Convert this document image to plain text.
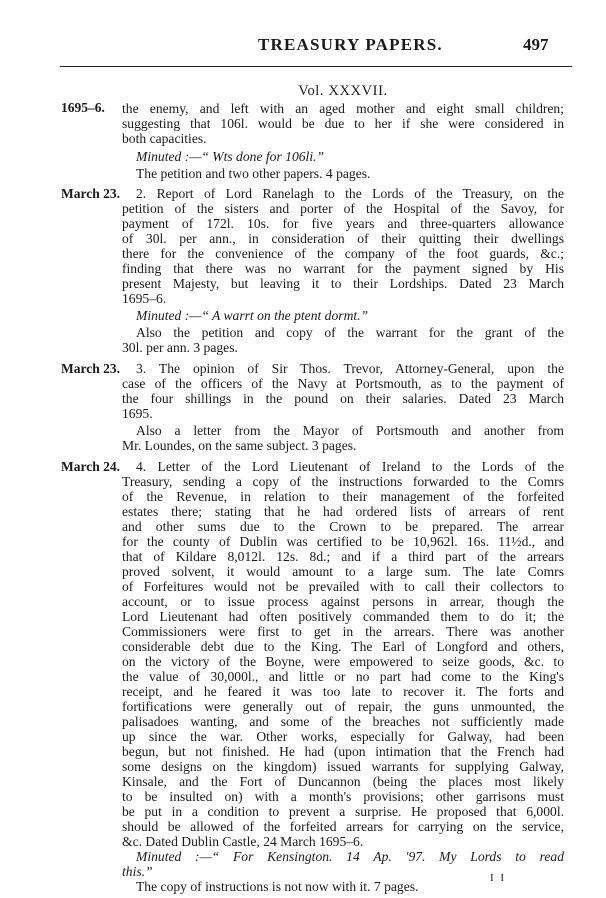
TREASURY PAPERS.	497
Vol. XXXVII.
1695–6. the enemy, and left with an aged mother and eight small children;
suggesting that 106l. would be due to her if she were considered in
both capacities.
Minuted :—“ Wts done for 106li.”
The petition and two other papers. 4 pages.
March 23.	2. Report of Lord Ranelagh to the Lords of the Treasury, on the
petition of the sisters and porter of the Hospital of the Savoy, for
payment of 172l. 10s. for five years and three-quarters allowance
of 30l. per ann., in consideration of their quitting their dwellings
there for the convenience of the company of the foot guards, &c.;
finding that there was no warrant for the payment signed by His
present Majesty, but leaving it to their Lordships. Dated 23 March
1695–6.
Minuted :—“ A warrt on the ptent dormt.”
Also the petition and copy of the warrant for the grant of the
30l. per ann. 3 pages.
March 23.	3. The opinion of Sir Thos. Trevor, Attorney-General, upon the
case of the officers of the Navy at Portsmouth, as to the payment of
the four shillings in the pound on their salaries. Dated 23 March
1695.
Also a letter from the Mayor of Portsmouth and another from
Mr. Loundes, on the same subject. 3 pages.
March 24.	4. Letter of the Lord Lieutenant of Ireland to the Lords of the
Treasury, sending a copy of the instructions forwarded to the Comrs
of the Revenue, in relation to their management of the forfeited
estates there; stating that he had ordered lists of arrears of rent
and other sums due to the Crown to be prepared. The arrear
for the county of Dublin was certified to be 10,962l. 16s. 11½d., and
that of Kildare 8,012l. 12s. 8d.; and if a third part of the arrears
proved solvent, it would amount to a large sum. The late Comrs
of Forfeitures would not be prevailed with to call their collectors to
account, or to issue process against persons in arrear, though the
Lord Lieutenant had often positively commanded them to do it; the
Commissioners were first to get in the arrears. There was another
considerable debt due to the King. The Earl of Longford and others,
on the victory of the Boyne, were empowered to seize goods, &c. to
the value of 30,000l., and little or no part had come to the King's
receipt, and he feared it was too late to recover it. The forts and
fortifications were generally out of repair, the guns unmounted, the
palisadoes wanting, and some of the breaches not sufficiently made
up since the war. Other works, especially for Galway, had been
begun, but not finished. He had (upon intimation that the French had
some designs on the kingdom) issued warrants for supplying Galway,
Kinsale, and the Fort of Duncannon (being the places most likely
to be insulted on) with a month's provisions; other garrisons must
be put in a condition to prevent a surprise. He proposed that 6,000l.
should be allowed of the forfeited arrears for carrying on the service,
&c. Dated Dublin Castle, 24 March 1695–6.
Minuted :—“ For Kensington. 14 Ap. '97. My Lords to read
this.”
The copy of instructions is not now with it. 7 pages.
I I
